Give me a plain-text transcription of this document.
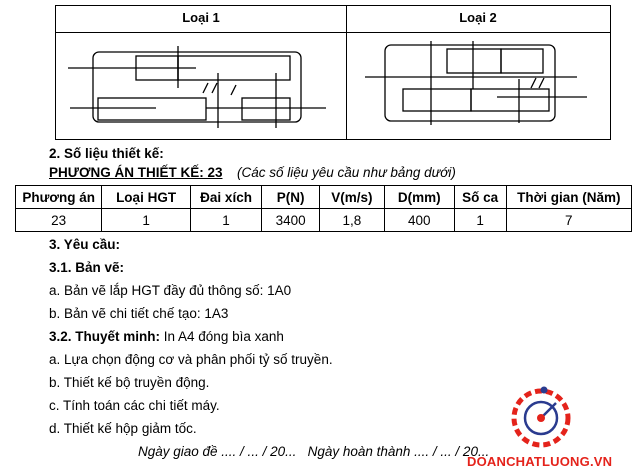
Loại 1	Loại 2
2. Số liệu thiết kế:
PHƯƠNG ÁN THIẾT KẾ: 23 (Các số liệu yêu cầu như bảng dưới)
Phương án	Loại HGT	Đai xích	P(N)	V(m/s)	D(mm)	Số ca	Thời gian (Năm)
23	1	1	3400	1,8	400	1	7
3. Yêu cầu:
3.1. Bản vẽ:
a. Bản vẽ lắp HGT đầy đủ thông số: 1A0
b. Bản vẽ chi tiết chế tạo: 1A3
3.2. Thuyết minh: In A4 đóng bìa xanh
a. Lựa chọn động cơ và phân phối tỷ số truyền.
b. Thiết kế bộ truyền động.
c. Tính toán các chi tiết máy.
d. Thiết kế hộp giảm tốc.
Ngày giao đề .... / ... / 20...   Ngày hoàn thành .... / ... / 20...
DOANCHATLUONG.VN
